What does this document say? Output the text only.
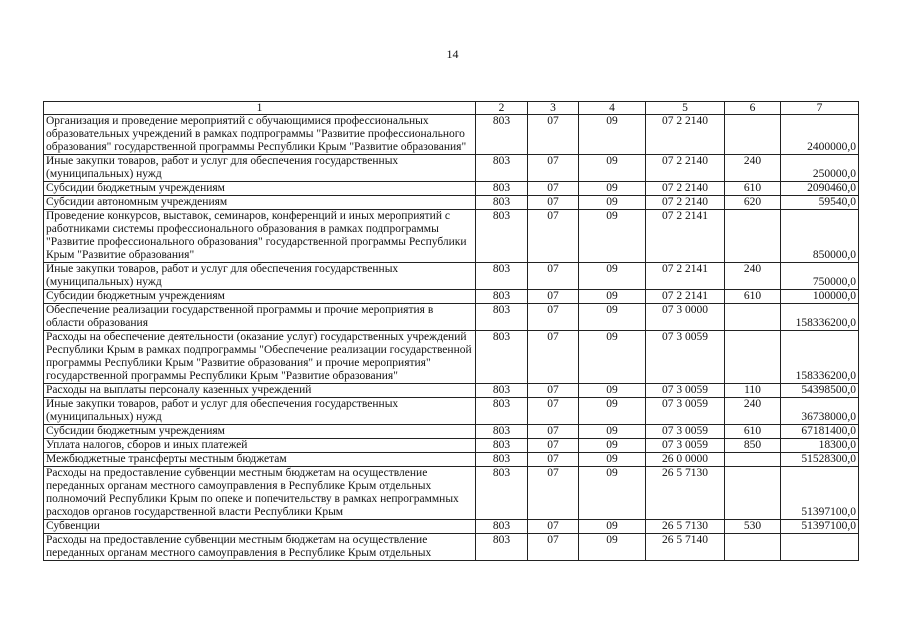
14
1	2	3	4	5	6	7
Организация и проведение мероприятий с обучающимися профессиональных образовательных учреждений в рамках подпрограммы "Развитие профессионального образования" государственной программы Республики Крым "Развитие образования"	803	07	09	07 2 2140		2400000,0
Иные закупки товаров, работ и услуг для обеспечения государственных (муниципальных) нужд	803	07	09	07 2 2140	240	250000,0
Субсидии бюджетным учреждениям	803	07	09	07 2 2140	610	2090460,0
Субсидии автономным учреждениям	803	07	09	07 2 2140	620	59540,0
Проведение конкурсов, выставок, семинаров, конференций и иных мероприятий с работниками системы профессионального образования в рамках подпрограммы "Развитие профессионального образования" государственной программы Республики Крым "Развитие образования"	803	07	09	07 2 2141		850000,0
Иные закупки товаров, работ и услуг для обеспечения государственных (муниципальных) нужд	803	07	09	07 2 2141	240	750000,0
Субсидии бюджетным учреждениям	803	07	09	07 2 2141	610	100000,0
Обеспечение реализации государственной программы и прочие мероприятия в области образования	803	07	09	07 3 0000		158336200,0
Расходы на обеспечение деятельности (оказание услуг) государственных учреждений Республики Крым в рамках подпрограммы "Обеспечение реализации государственной программы Республики Крым "Развитие образования" и прочие мероприятия" государственной программы Республики Крым "Развитие образования"	803	07	09	07 3 0059		158336200,0
Расходы на выплаты персоналу казенных учреждений	803	07	09	07 3 0059	110	54398500,0
Иные закупки товаров, работ и услуг для обеспечения государственных (муниципальных) нужд	803	07	09	07 3 0059	240	36738000,0
Субсидии бюджетным учреждениям	803	07	09	07 3 0059	610	67181400,0
Уплата налогов, сборов и иных платежей	803	07	09	07 3 0059	850	18300,0
Межбюджетные трансферты местным бюджетам	803	07	09	26 0 0000		51528300,0
Расходы на предоставление субвенции местным бюджетам на осуществление переданных органам местного самоуправления в Республике Крым отдельных полномочий Республики Крым по опеке и попечительству в рамках непрограммных расходов органов государственной власти Республики Крым	803	07	09	26 5 7130		51397100,0
Субвенции	803	07	09	26 5 7130	530	51397100,0
Расходы на предоставление субвенции местным бюджетам на осуществление переданных органам местного самоуправления в Республике Крым отдельных	803	07	09	26 5 7140		
